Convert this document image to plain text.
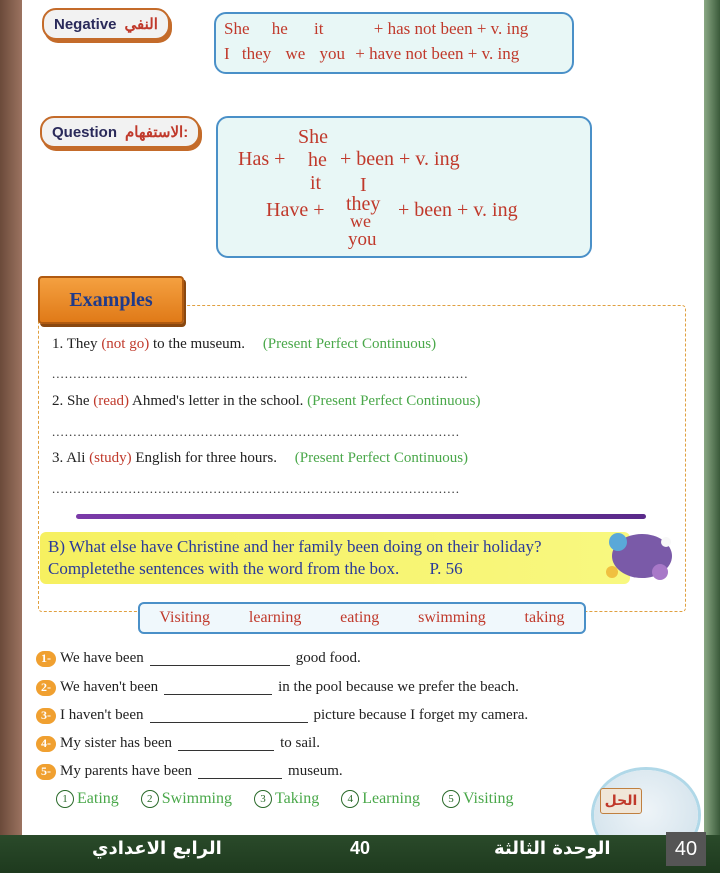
Negative النفي	She he it	+ has not been + v. ing
I they we you + have not been + v. ing
Question الاستفهام:	She
Has + he + been + v. ing
it I
Have + they + been + v. ing
we
you
Examples
1. They (not go) to the museum. (Present Perfect Continuous)
..................................................................................................
2. She (read) Ahmed's letter in the school. (Present Perfect Continuous)
................................................................................................
3. Ali (study) English for three hours. (Present Perfect Continuous)
................................................................................................
B) What else have Christine and her family been doing on their holiday?
Completethe sentences with the word from the box. P. 56
Visiting learning eating swimming taking
1- We have been	good food.
2- We haven't been	in the pool because we prefer the beach.
3- I haven't been	picture because I forget my camera.
4- My sister has been	to sail.
5- My parents have been	museum.
1 Eating	2 Swimming	3 Taking	4 Learning	5 Visiting	الحل
الرابع الاعدادي	40	الوحدة الثالثة	40
